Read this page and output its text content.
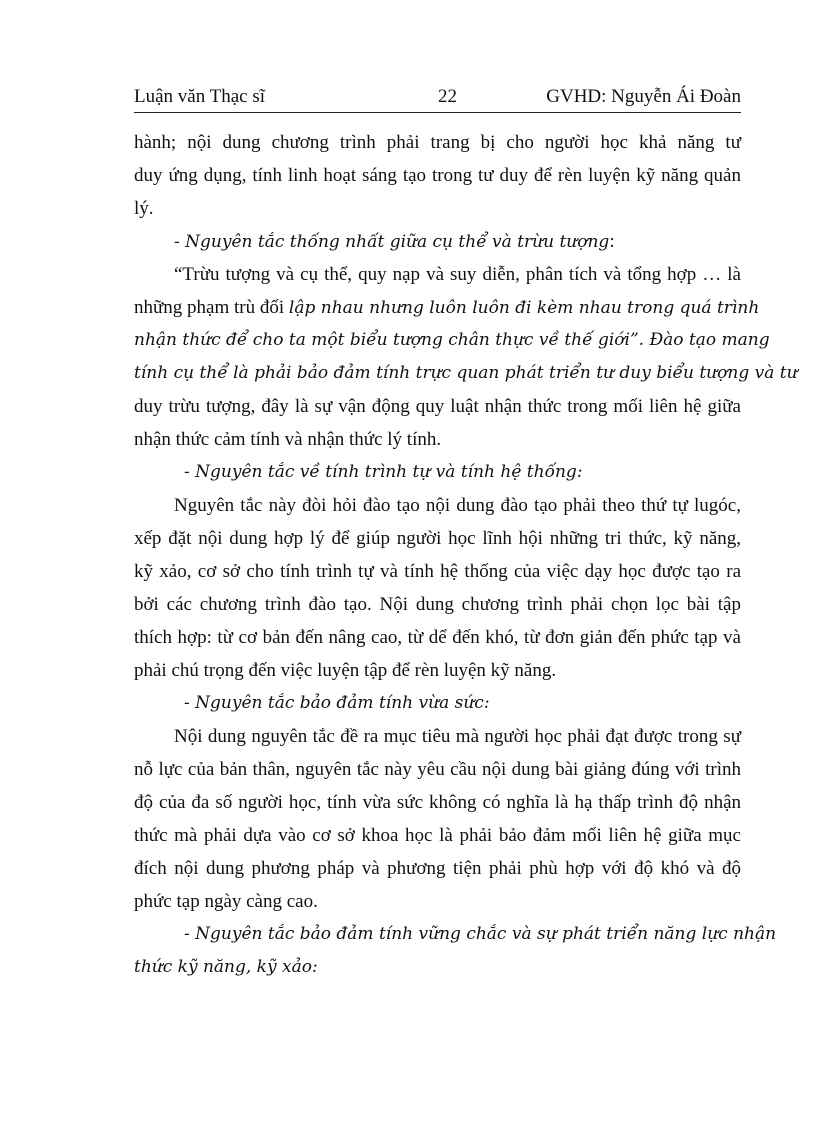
Luận văn Thạc sĩ	22	GVHD: Nguyễn Ái Đoàn
hành; nội dung chương trình phải trang bị cho người học khả năng tư
duy ứng dụng, tính linh hoạt sáng tạo trong tư duy để rèn luyện kỹ năng quản
lý.
- Nguyên tắc thống nhất giữa cụ thể và trừu tượng:
“Trừu tượng và cụ thể, quy nạp và suy diễn, phân tích và tổng hợp … là
những phạm trù đối lập nhau nhưng luôn luôn đi kèm nhau trong quá trình
nhận thức để cho ta một biểu tượng chân thực về thế giới”. Đào tạo mang
tính cụ thể là phải bảo đảm tính trực quan phát triển tư duy biểu tượng và tư
duy trừu tượng, đây là sự vận động quy luật nhận thức trong mối liên hệ giữa
nhận thức cảm tính và nhận thức lý tính.
- Nguyên tắc về tính trình tự và tính hệ thống:
Nguyên tắc này đòi hỏi đào tạo nội dung đào tạo phải theo thứ tự lugóc,
xếp đặt nội dung hợp lý để giúp người học lĩnh hội những tri thức, kỹ năng,
kỹ xảo, cơ sở cho tính trình tự và tính hệ thống của việc dạy học được tạo ra
bởi các chương trình đào tạo. Nội dung chương trình phải chọn lọc bài tập
thích hợp: từ cơ bản đến nâng cao, từ dể đến khó, từ đơn giản đến phức tạp và
phải chú trọng đến việc luyện tập để rèn luyện kỹ năng.
- Nguyên tắc bảo đảm tính vừa sức:
Nội dung nguyên tắc đề ra mục tiêu mà người học phải đạt được trong sự
nỗ lực của bản thân, nguyên tắc này yêu cầu nội dung bài giảng đúng với trình
độ của đa số người học, tính vừa sức không có nghĩa là hạ thấp trình độ nhận
thức mà phải dựa vào cơ sở khoa học là phải bảo đảm mối liên hệ giữa mục
đích nội dung phương pháp và phương tiện phải phù hợp với độ khó và độ
phức tạp ngày càng cao.
- Nguyên tắc bảo đảm tính vững chắc và sự phát triển năng lực nhận
thức kỹ năng, kỹ xảo:
